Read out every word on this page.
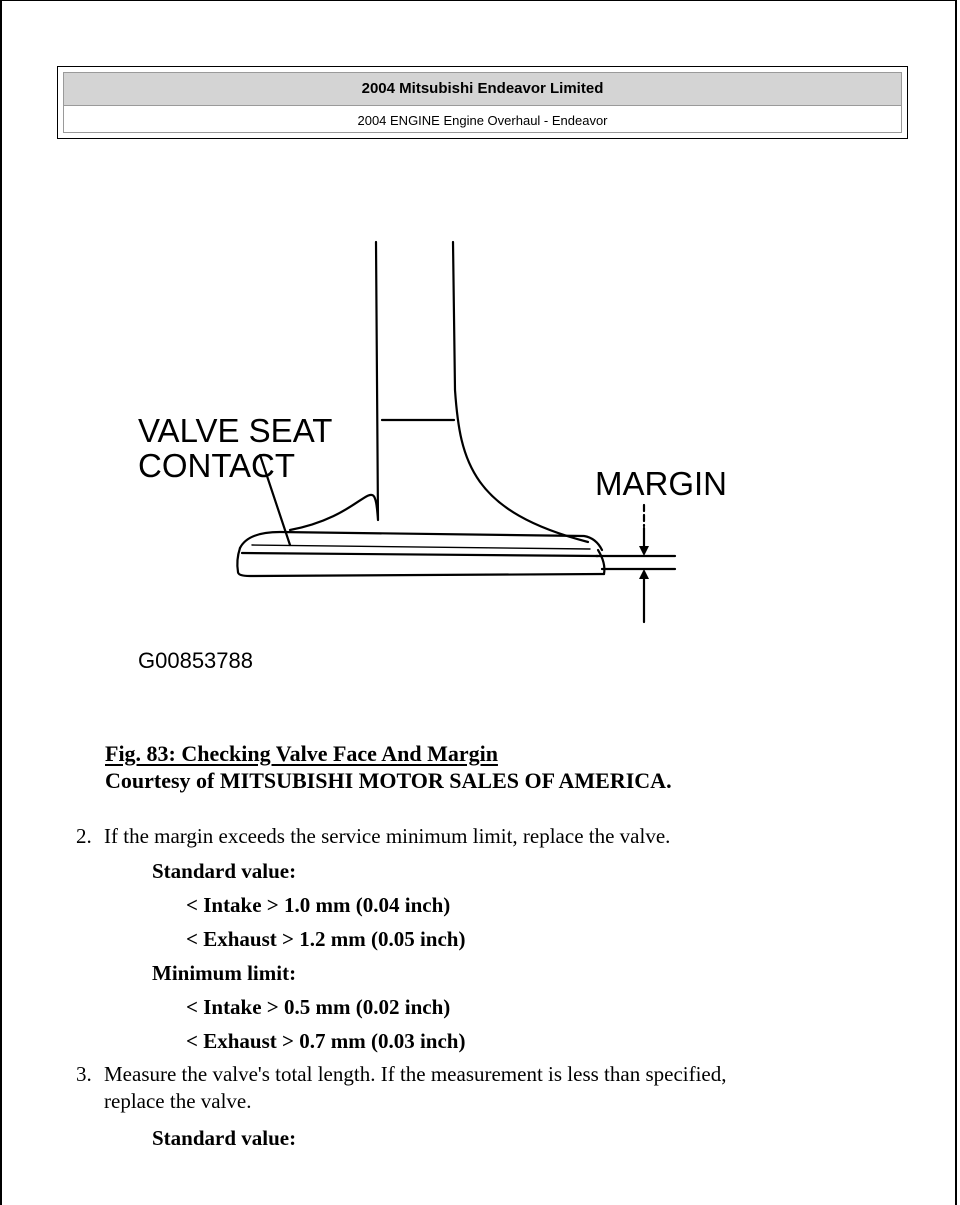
2004 Mitsubishi Endeavor Limited
2004 ENGINE Engine Overhaul - Endeavor
VALVE SEAT
CONTACT	MARGIN
G00853788
Fig. 83: Checking Valve Face And Margin
Courtesy of MITSUBISHI MOTOR SALES OF AMERICA.
2. If the margin exceeds the service minimum limit, replace the valve.
Standard value:
< Intake > 1.0 mm (0.04 inch)
< Exhaust > 1.2 mm (0.05 inch)
Minimum limit:
< Intake > 0.5 mm (0.02 inch)
< Exhaust > 0.7 mm (0.03 inch)
3. Measure the valve's total length. If the measurement is less than specified,
replace the valve.
Standard value:
